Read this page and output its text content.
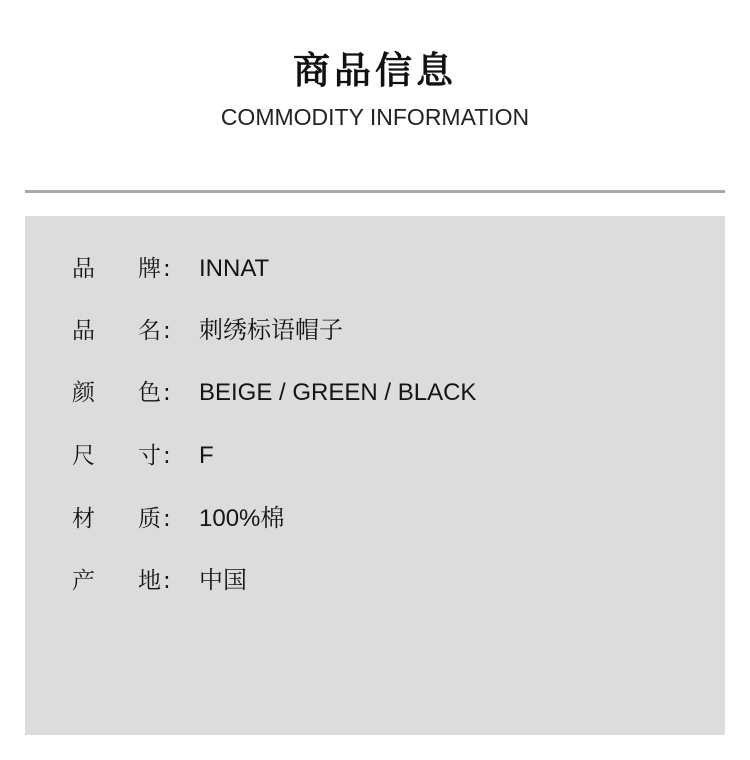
商品信息
COMMODITY INFORMATION
品 牌 : INNAT
品 名 : 刺绣标语帽子
颜 色 : BEIGE / GREEN / BLACK
尺 寸 : F
材 质 : 100%棉
产 地 : 中国
